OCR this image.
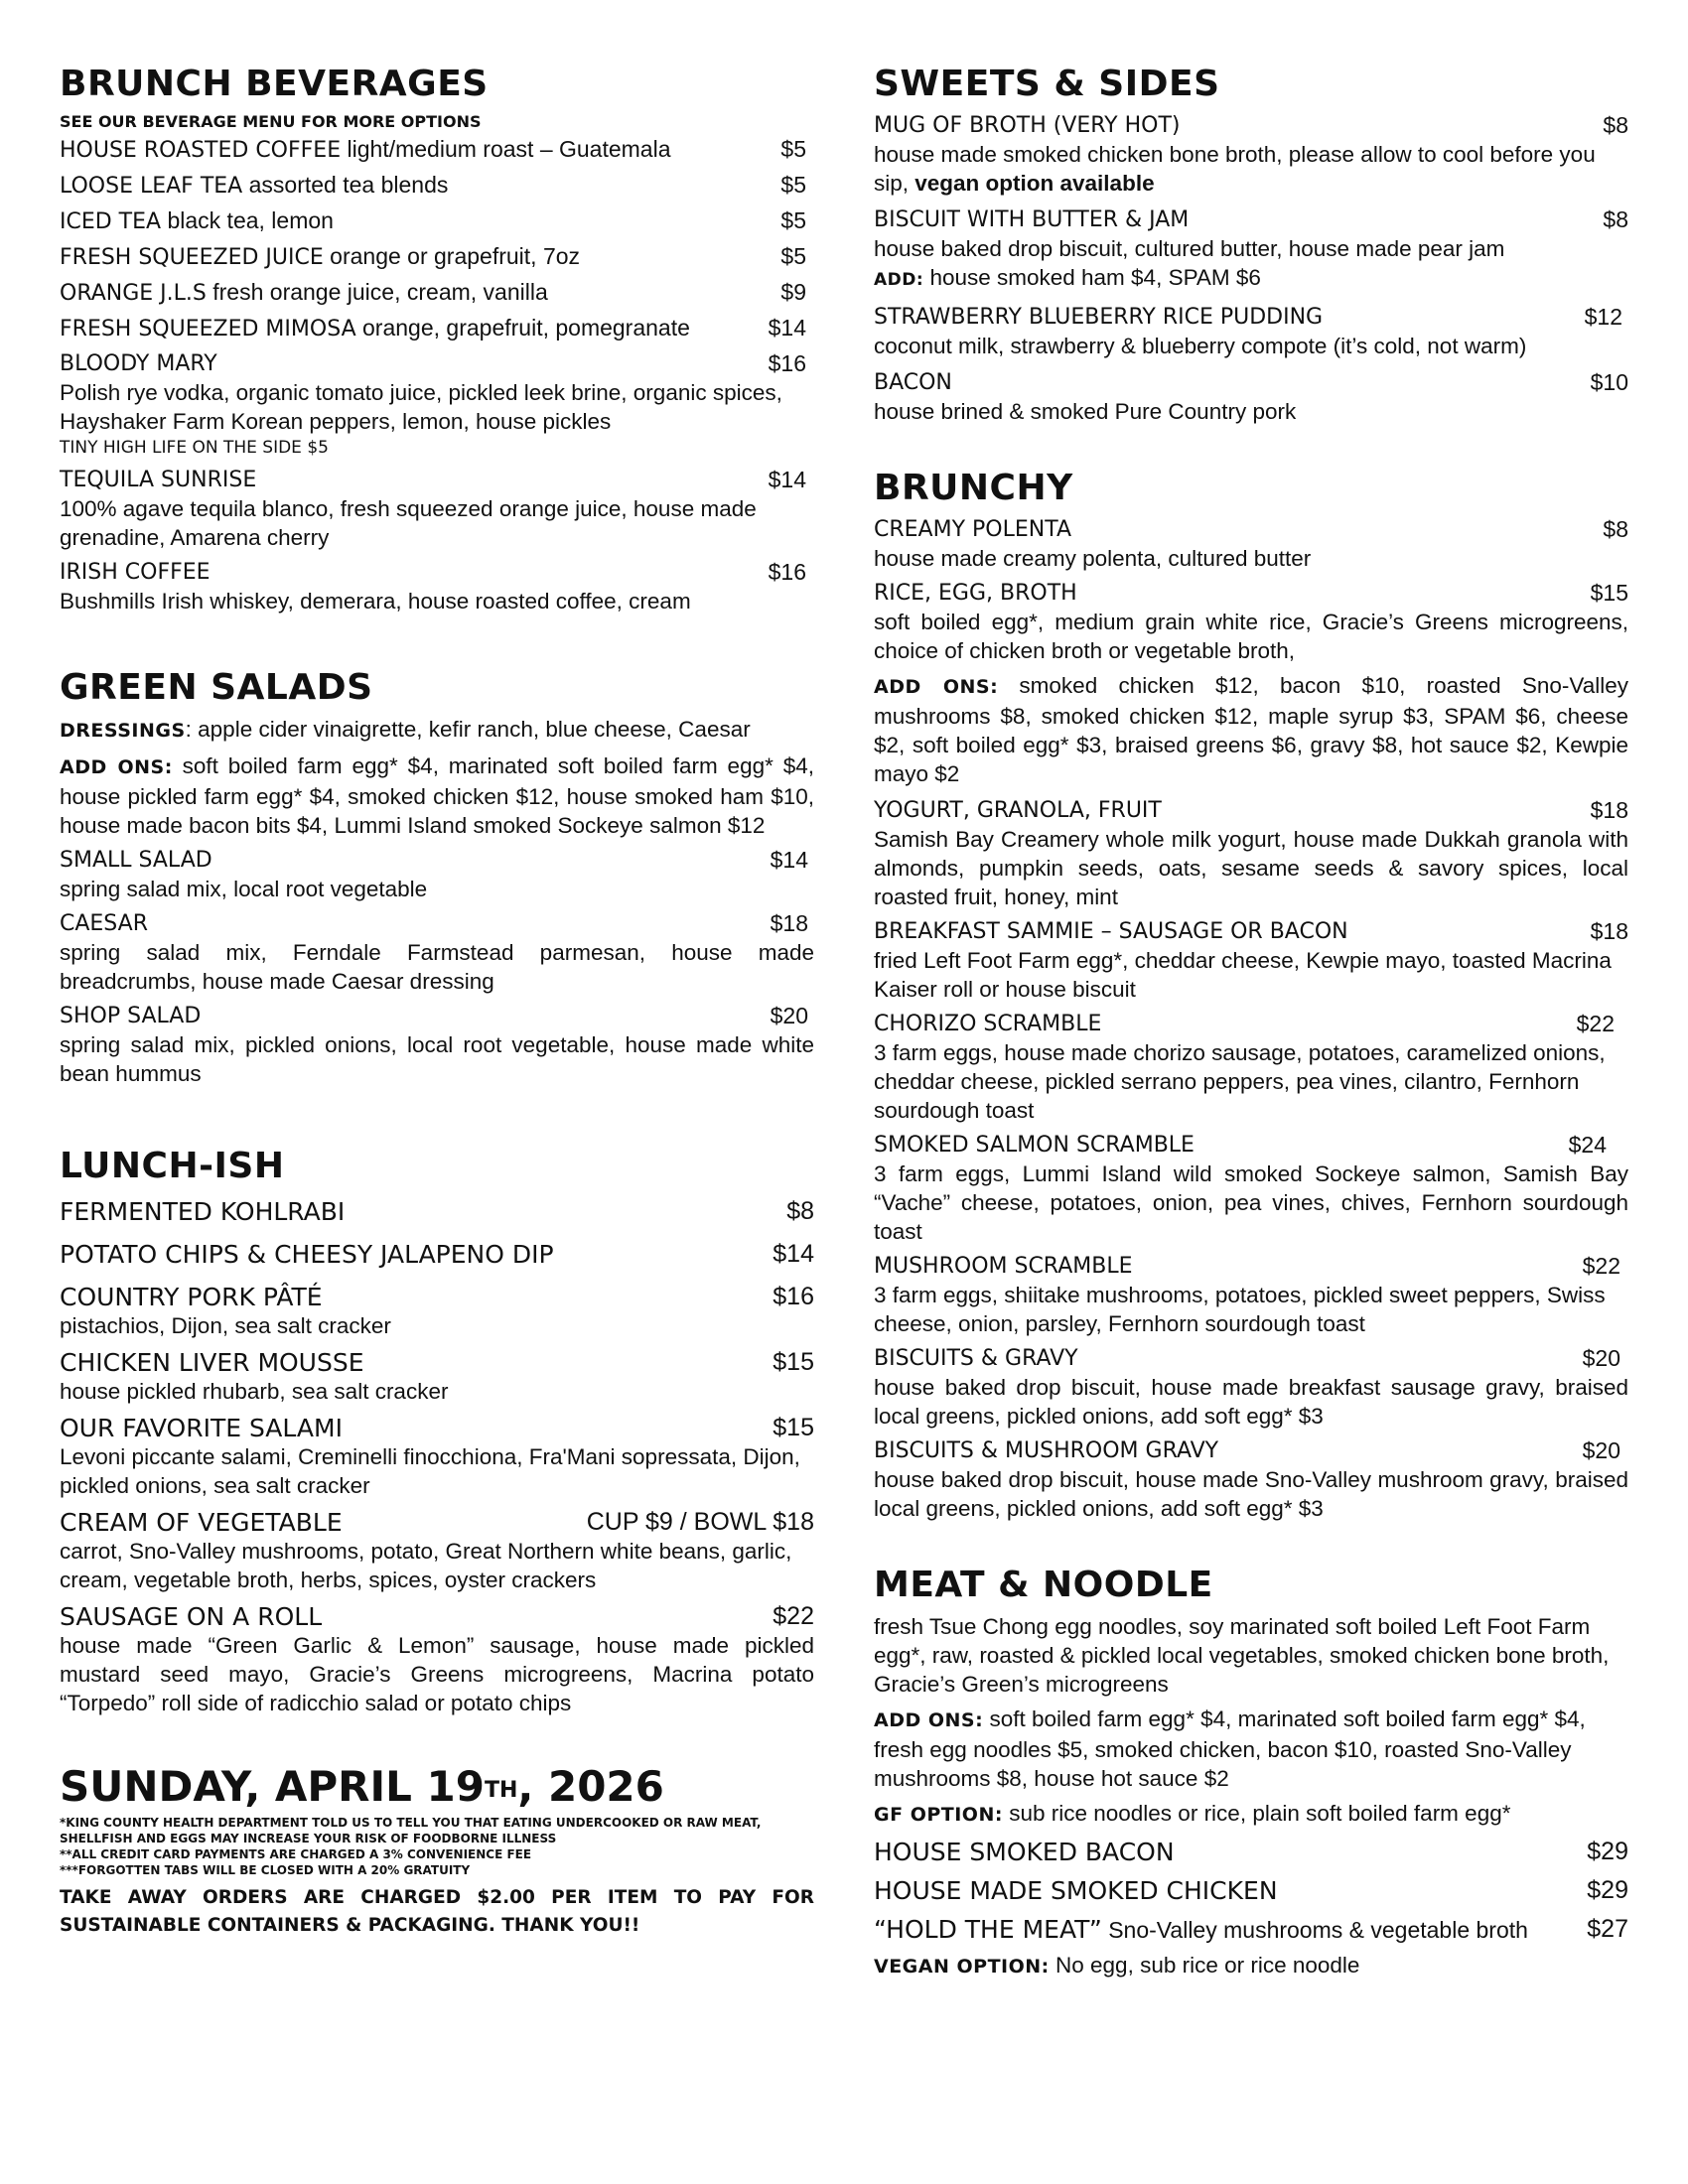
BRUNCH BEVERAGES
SEE OUR BEVERAGE MENU FOR MORE OPTIONS
HOUSE ROASTED COFFEE light/medium roast – Guatemala	$5
LOOSE LEAF TEA assorted tea blends	$5
ICED TEA black tea, lemon	$5
FRESH SQUEEZED JUICE orange or grapefruit, 7oz	$5
ORANGE J.L.S fresh orange juice, cream, vanilla	$9
FRESH SQUEEZED MIMOSA orange, grapefruit, pomegranate	$14
BLOODY MARY	$16
Polish rye vodka, organic tomato juice, pickled leek brine, organic spices, Hayshaker Farm Korean peppers, lemon, house pickles
TINY HIGH LIFE ON THE SIDE $5
TEQUILA SUNRISE	$14
100% agave tequila blanco, fresh squeezed orange juice, house made grenadine, Amarena cherry
IRISH COFFEE	$16
Bushmills Irish whiskey, demerara, house roasted coffee, cream
GREEN SALADS
DRESSINGS: apple cider vinaigrette, kefir ranch, blue cheese, Caesar
ADD ONS: soft boiled farm egg* $4, marinated soft boiled farm egg* $4, house pickled farm egg* $4, smoked chicken $12, house smoked ham $10, house made bacon bits $4, Lummi Island smoked Sockeye salmon $12
SMALL SALAD	$14
spring salad mix, local root vegetable
CAESAR	$18
spring salad mix, Ferndale Farmstead parmesan, house made breadcrumbs, house made Caesar dressing
SHOP SALAD	$20
spring salad mix, pickled onions, local root vegetable, house made white bean hummus
LUNCH-ISH
FERMENTED KOHLRABI	$8
POTATO CHIPS & CHEESY JALAPENO DIP	$14
COUNTRY PORK PÂTÉ	$16
pistachios, Dijon, sea salt cracker
CHICKEN LIVER MOUSSE	$15
house pickled rhubarb, sea salt cracker
OUR FAVORITE SALAMI	$15
Levoni piccante salami, Creminelli finocchiona, Fra'Mani sopressata, Dijon, pickled onions, sea salt cracker
CREAM OF VEGETABLE	CUP $9 / BOWL $18
carrot, Sno-Valley mushrooms, potato, Great Northern white beans, garlic, cream, vegetable broth, herbs, spices, oyster crackers
SAUSAGE ON A ROLL	$22
house made “Green Garlic & Lemon” sausage, house made pickled mustard seed mayo, Gracie’s Greens microgreens, Macrina potato “Torpedo” roll side of radicchio salad or potato chips
SUNDAY, APRIL 19TH, 2026
*KING COUNTY HEALTH DEPARTMENT TOLD US TO TELL YOU THAT EATING UNDERCOOKED OR RAW MEAT, SHELLFISH AND EGGS MAY INCREASE YOUR RISK OF FOODBORNE ILLNESS
**ALL CREDIT CARD PAYMENTS ARE CHARGED A 3% CONVENIENCE FEE
***FORGOTTEN TABS WILL BE CLOSED WITH A 20% GRATUITY
TAKE AWAY ORDERS ARE CHARGED $2.00 PER ITEM TO PAY FOR SUSTAINABLE CONTAINERS & PACKAGING. THANK YOU!!
SWEETS & SIDES
MUG OF BROTH (VERY HOT)	$8
house made smoked chicken bone broth, please allow to cool before you sip, vegan option available
BISCUIT WITH BUTTER & JAM	$8
house baked drop biscuit, cultured butter, house made pear jam
ADD: house smoked ham $4, SPAM $6
STRAWBERRY BLUEBERRY RICE PUDDING	$12
coconut milk, strawberry & blueberry compote (it’s cold, not warm)
BACON	$10
house brined & smoked Pure Country pork
BRUNCHY
CREAMY POLENTA	$8
house made creamy polenta, cultured butter
RICE, EGG, BROTH	$15
soft boiled egg*, medium grain white rice, Gracie’s Greens microgreens, choice of chicken broth or vegetable broth,
ADD ONS: smoked chicken $12, bacon $10, roasted Sno-Valley mushrooms $8, smoked chicken $12, maple syrup $3, SPAM $6, cheese $2, soft boiled egg* $3, braised greens $6, gravy $8, hot sauce $2, Kewpie mayo $2
YOGURT, GRANOLA, FRUIT	$18
Samish Bay Creamery whole milk yogurt, house made Dukkah granola with almonds, pumpkin seeds, oats, sesame seeds & savory spices, local roasted fruit, honey, mint
BREAKFAST SAMMIE – SAUSAGE OR BACON	$18
fried Left Foot Farm egg*, cheddar cheese, Kewpie mayo, toasted Macrina Kaiser roll or house biscuit
CHORIZO SCRAMBLE	$22
3 farm eggs, house made chorizo sausage, potatoes, caramelized onions, cheddar cheese, pickled serrano peppers, pea vines, cilantro, Fernhorn sourdough toast
SMOKED SALMON SCRAMBLE	$24
3 farm eggs, Lummi Island wild smoked Sockeye salmon, Samish Bay “Vache” cheese, potatoes, onion, pea vines, chives, Fernhorn sourdough toast
MUSHROOM SCRAMBLE	$22
3 farm eggs, shiitake mushrooms, potatoes, pickled sweet peppers, Swiss cheese, onion, parsley, Fernhorn sourdough toast
BISCUITS & GRAVY	$20
house baked drop biscuit, house made breakfast sausage gravy, braised local greens, pickled onions, add soft egg* $3
BISCUITS & MUSHROOM GRAVY	$20
house baked drop biscuit, house made Sno-Valley mushroom gravy, braised local greens, pickled onions, add soft egg* $3
MEAT & NOODLE
fresh Tsue Chong egg noodles, soy marinated soft boiled Left Foot Farm egg*, raw, roasted & pickled local vegetables, smoked chicken bone broth, Gracie’s Green’s microgreens
ADD ONS: soft boiled farm egg* $4, marinated soft boiled farm egg* $4, fresh egg noodles $5, smoked chicken, bacon $10, roasted Sno-Valley mushrooms $8, house hot sauce $2
GF OPTION: sub rice noodles or rice, plain soft boiled farm egg*
HOUSE SMOKED BACON	$29
HOUSE MADE SMOKED CHICKEN	$29
“HOLD THE MEAT” Sno-Valley mushrooms & vegetable broth	$27
VEGAN OPTION: No egg, sub rice or rice noodle
